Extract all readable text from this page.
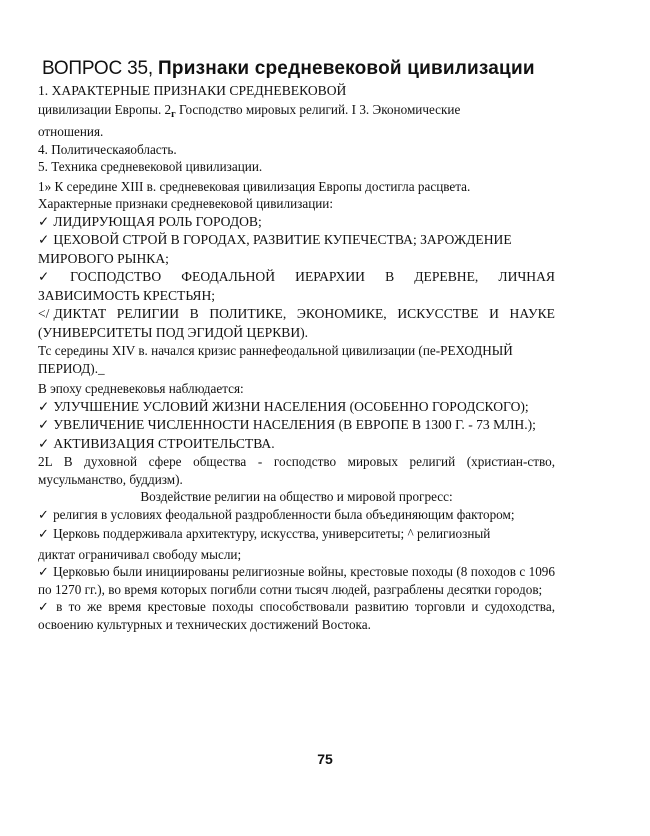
ВОПРОС 35, Признаки средневековой цивилизации

1. ХАРАКТЕРНЫЕ ПРИЗНАКИ СРЕДНЕВЕКОВОЙ

цивилизации Европы. $2_г$ Господство мировых религий. I 3. Экономические

отношения.

4. Политическаяобласть.

5. Техника средневековой цивилизации.

1» К середине XIII в. средневековая цивилизация Европы достигла расцвета.

Характерные признаки средневековой цивилизации:

✓ ЛИДИРУЮЩАЯ РОЛЬ ГОРОДОВ;

✓ ЦЕХОВОЙ СТРОЙ В ГОРОДАХ, РАЗВИТИЕ КУПЕЧЕСТВА; ЗАРОЖДЕНИЕ МИРОВОГО РЫНКА;

✓ ГОСПОДСТВО ФЕОДАЛЬНОЙ ИЕРАРХИИ В ДЕРЕВНЕ, ЛИЧНАЯ ЗАВИСИМОСТЬ КРЕСТЬЯН;

</ ДИКТАТ РЕЛИГИИ В ПОЛИТИКЕ, ЭКОНОМИКЕ, ИСКУССТВЕ И НАУКЕ (УНИВЕРСИТЕТЫ ПОД ЭГИДОЙ ЦЕРКВИ).

Тс середины XIV в. начался кризис раннефеодальной цивилизации (пе-РЕХОДНЫЙ ПЕРИОД)._

В эпоху средневековья наблюдается:

✓ УЛУЧШЕНИЕ УСЛОВИЙ ЖИЗНИ НАСЕЛЕНИЯ (ОСОБЕННО ГОРОДСКОГО);

✓ УВЕЛИЧЕНИЕ ЧИСЛЕННОСТИ НАСЕЛЕНИЯ (В ЕВРОПЕ В 1300 Г. - 73 МЛН.);

✓ АКТИВИЗАЦИЯ СТРОИТЕЛЬСТВА.

2L В духовной сфере общества - господство мировых религий (христиан-ство, мусульманство, буддизм).

Воздействие религии на общество и мировой прогресс:

✓ религия в условиях феодальной раздробленности была объединяющим фактором;

✓ Церковь поддерживала архитектуру, искусства, университеты; ^ религиозный

диктат ограничивал свободу мысли;

✓ Церковью были инициированы религиозные войны, крестовые походы (8 походов с 1096 по 1270 гг.), во время которых погибли сотни тысяч людей, разграблены десятки городов;

✓ в то же время крестовые походы способствовали развитию торговли и судоходства, освоению культурных и технических достижений Востока.

75
